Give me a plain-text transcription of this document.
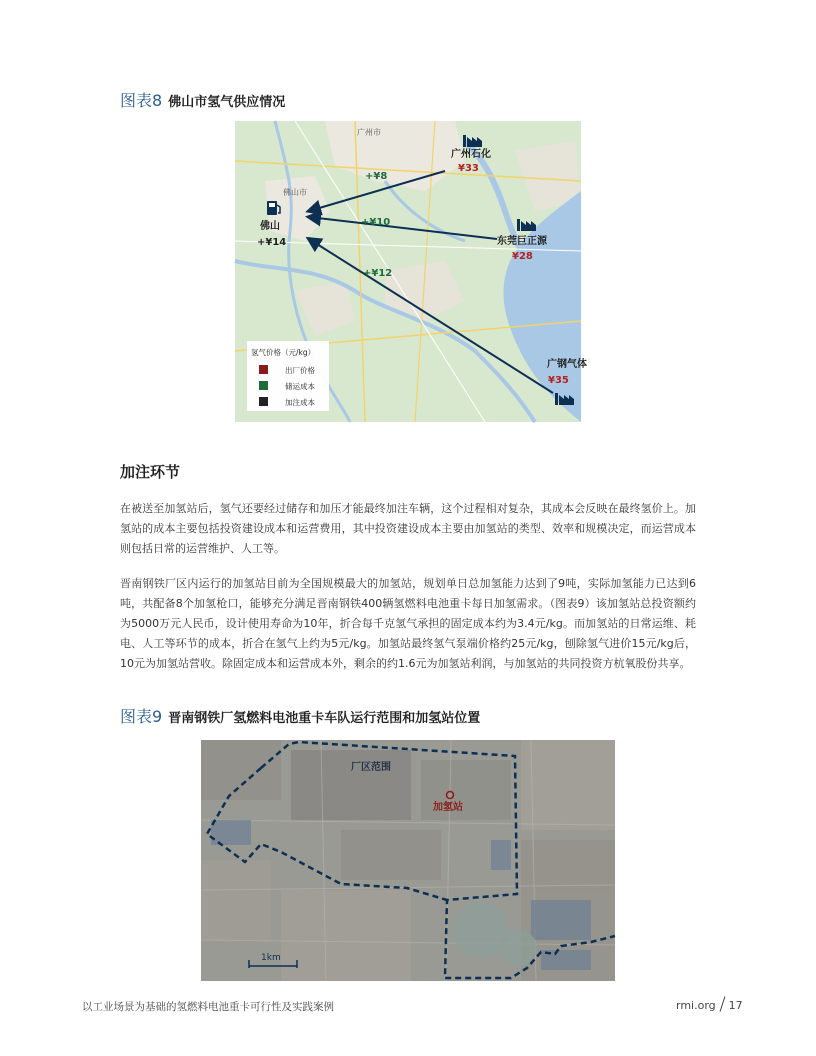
图表8 佛山市氢气供应情况
广州市
佛山市
+¥8
+¥10
+¥12
广州石化
¥33
东莞巨正源
¥28
广钢气体
¥35
佛山
+¥14
氢气价格（元/kg）
出厂价格
储运成本
加注成本
加注环节

在被送至加氢站后，氢气还要经过储存和加压才能最终加注车辆，这个过程相对复杂，其成本会反映在最终氢价上。加氢站的成本主要包括投资建设成本和运营费用，其中投资建设成本主要由加氢站的类型、效率和规模决定，而运营成本则包括日常的运营维护、人工等。

晋南钢铁厂区内运行的加氢站目前为全国规模最大的加氢站，规划单日总加氢能力达到了9吨，实际加氢能力已达到6吨，共配备8个加氢枪口，能够充分满足晋南钢铁400辆氢燃料电池重卡每日加氢需求。（图表9）该加氢站总投资额约为5000万元人民币，设计使用寿命为10年，折合每千克氢气承担的固定成本约为3.4元/kg。而加氢站的日常运维、耗电、人工等环节的成本，折合在氢气上约为5元/kg。加氢站最终氢气泵端价格约25元/kg，刨除氢气进价15元/kg后，10元为加氢站营收。除固定成本和运营成本外，剩余的约1.6元为加氢站利润，与加氢站的共同投资方杭氧股份共享。

图表9 晋南钢铁厂氢燃料电池重卡车队运行范围和加氢站位置
厂区范围
加氢站
1km
以工业场景为基础的氢燃料电池重卡可行性及实践案例	rmi.org 17
